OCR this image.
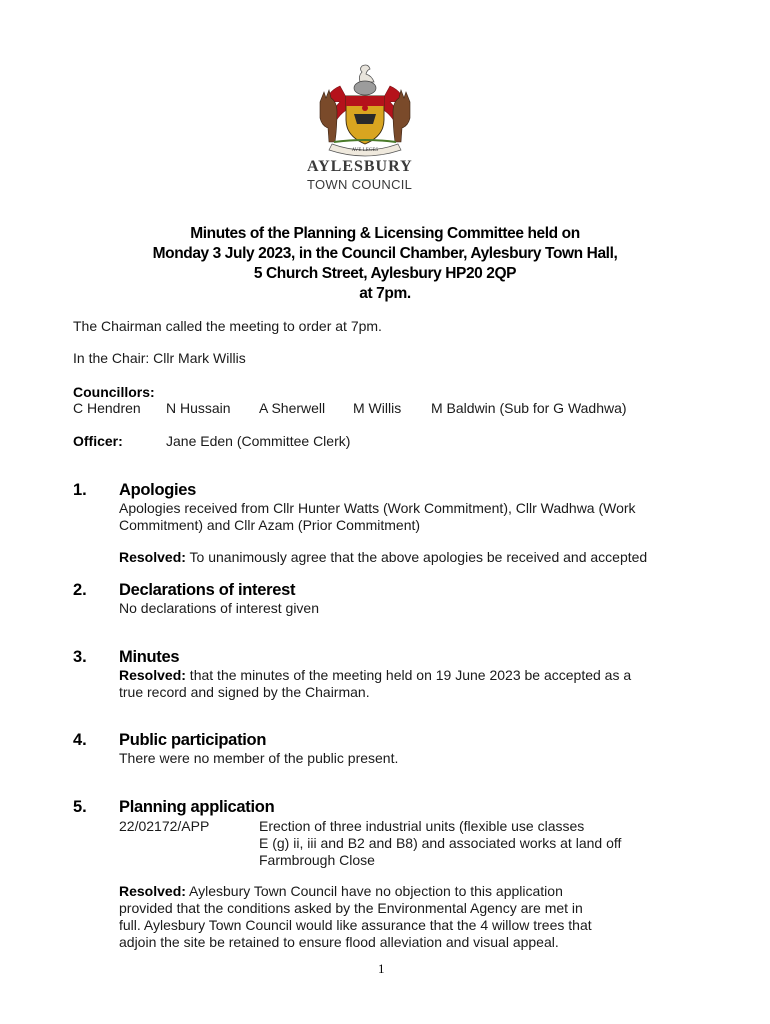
AVE LEGES
AYLESBURY
TOWN COUNCIL
Minutes of the Planning & Licensing Committee held on
Monday 3 July 2023, in the Council Chamber, Aylesbury Town Hall,
5 Church Street, Aylesbury HP20 2QP
at 7pm.
The Chairman called the meeting to order at 7pm.
In the Chair: Cllr Mark Willis
Councillors:
C Hendren N Hussain A Sherwell M Willis M Baldwin (Sub for G Wadhwa)
Officer:	Jane Eden (Committee Clerk)
1. Apologies
Apologies received from Cllr Hunter Watts (Work Commitment), Cllr Wadhwa (Work
Commitment) and Cllr Azam (Prior Commitment)
Resolved: To unanimously agree that the above apologies be received and accepted
2. Declarations of interest
No declarations of interest given
3. Minutes
Resolved: that the minutes of the meeting held on 19 June 2023 be accepted as a
true record and signed by the Chairman.
4. Public participation
There were no member of the public present.
5. Planning application
22/02172/APP	Erection of three industrial units (flexible use classes
E (g) ii, iii and B2 and B8) and associated works at land off
Farmbrough Close
Resolved: Aylesbury Town Council have no objection to this application
provided that the conditions asked by the Environmental Agency are met in
full. Aylesbury Town Council would like assurance that the 4 willow trees that
adjoin the site be retained to ensure flood alleviation and visual appeal.
1
